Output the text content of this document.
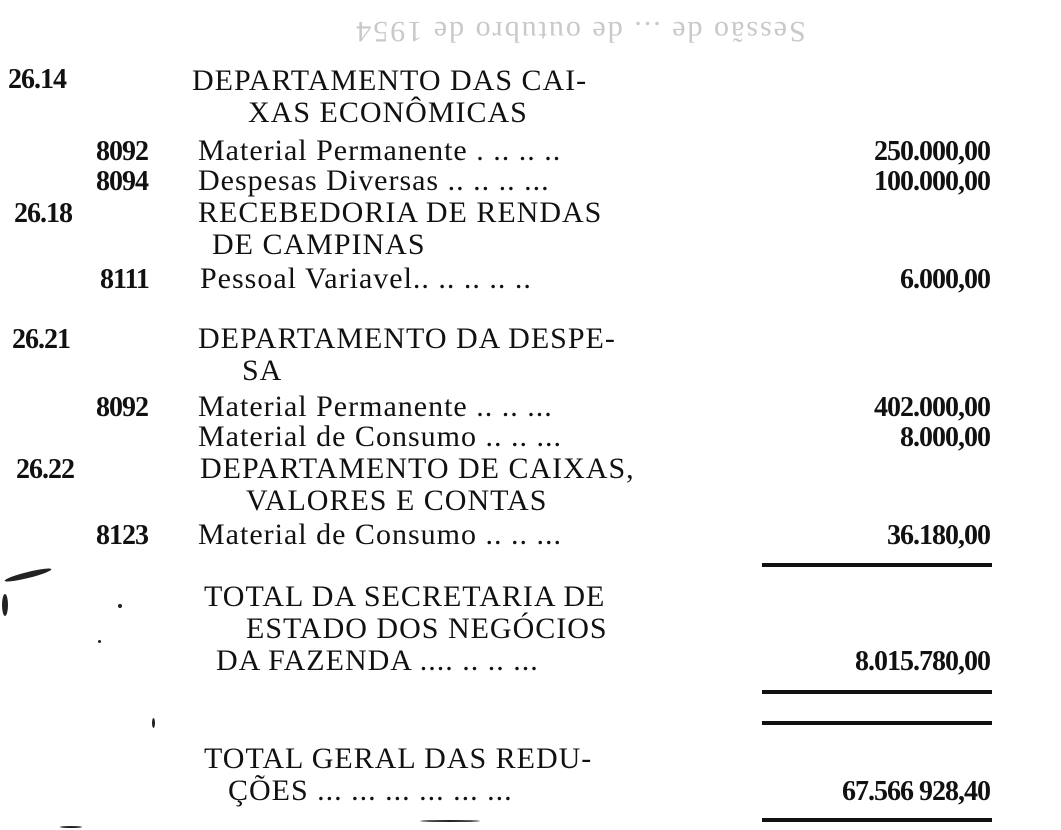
Sessão de ... de outubro de 1954
26.14	DEPARTAMENTO DAS CAI-
XAS ECONÔMICAS
8092 Material Permanente . .. .. ..	250.000,00
8094 Despesas Diversas .. .. .. ...	100.000,00
26.18	RECEBEDORIA DE RENDAS
DE CAMPINAS
8111 Pessoal Variavel.. .. .. .. ..	6.000,00
26.21	DEPARTAMENTO DA DESPE-
SA
8092 Material Permanente .. .. ...	402.000,00
Material de Consumo .. .. ...	8.000,00
26.22	DEPARTAMENTO DE CAIXAS,
VALORES E CONTAS
8123 Material de Consumo .. .. ...	36.180,00
TOTAL DA SECRETARIA DE
ESTADO DOS NEGÓCIOS
DA FAZENDA .... .. .. ...	8.015.780,00
TOTAL GERAL DAS REDU-
ÇÕES ... ... ... ... ... ...	67.566 928,40
